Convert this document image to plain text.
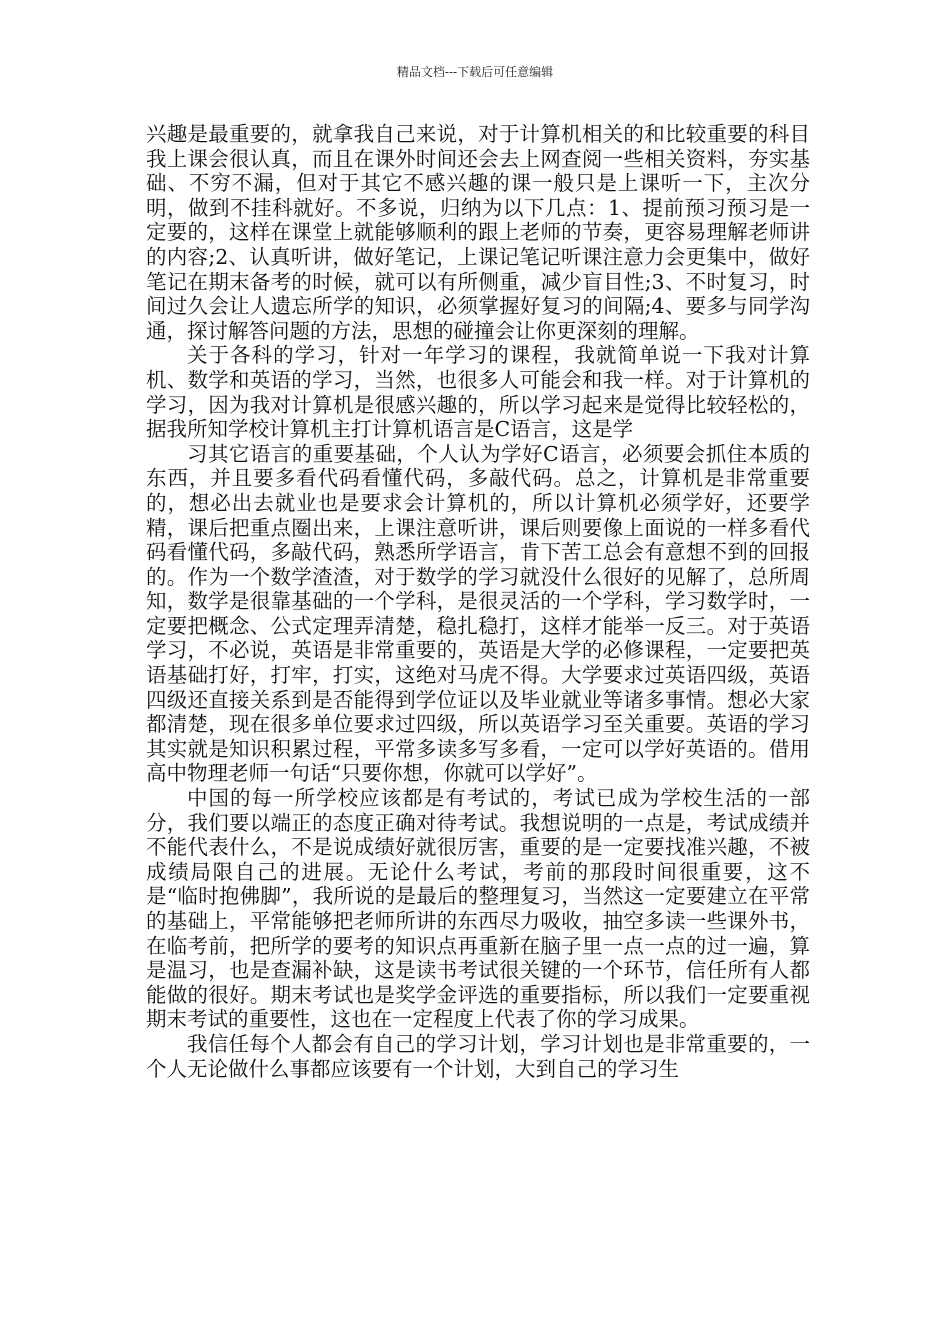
精品文档---下载后可任意编辑

兴趣是最重要的，就拿我自己来说，对于计算机相关的和比较重要的科目我上课会很认真，而且在课外时间还会去上网查阅一些相关资料，夯实基础、不穷不漏，但对于其它不感兴趣的课一般只是上课听一下，主次分明，做到不挂科就好。不多说，归纳为以下几点：1、提前预习预习是一定要的，这样在课堂上就能够顺利的跟上老师的节奏，更容易理解老师讲的内容;2、认真听讲，做好笔记，上课记笔记听课注意力会更集中，做好笔记在期末备考的时候，就可以有所侧重，减少盲目性;3、不时复习，时间过久会让人遗忘所学的知识，必须掌握好复习的间隔;4、要多与同学沟通，探讨解答问题的方法，思想的碰撞会让你更深刻的理解。

关于各科的学习，针对一年学习的课程，我就简单说一下我对计算机、数学和英语的学习，当然，也很多人可能会和我一样。对于计算机的学习，因为我对计算机是很感兴趣的，所以学习起来是觉得比较轻松的，据我所知学校计算机主打计算机语言是C语言，这是学

习其它语言的重要基础，个人认为学好C语言，必须要会抓住本质的东西，并且要多看代码看懂代码，多敲代码。总之，计算机是非常重要的，想必出去就业也是要求会计算机的，所以计算机必须学好，还要学精，课后把重点圈出来，上课注意听讲，课后则要像上面说的一样多看代码看懂代码，多敲代码，熟悉所学语言，肯下苦工总会有意想不到的回报的。作为一个数学渣渣，对于数学的学习就没什么很好的见解了，总所周知，数学是很靠基础的一个学科，是很灵活的一个学科，学习数学时，一定要把概念、公式定理弄清楚，稳扎稳打，这样才能举一反三。对于英语学习，不必说，英语是非常重要的，英语是大学的必修课程，一定要把英语基础打好，打牢，打实，这绝对马虎不得。大学要求过英语四级，英语四级还直接关系到是否能得到学位证以及毕业就业等诸多事情。想必大家都清楚，现在很多单位要求过四级，所以英语学习至关重要。英语的学习其实就是知识积累过程，平常多读多写多看，一定可以学好英语的。借用高中物理老师一句话“只要你想，你就可以学好”。

中国的每一所学校应该都是有考试的，考试已成为学校生活的一部分，我们要以端正的态度正确对待考试。我想说明的一点是，考试成绩并不能代表什么，不是说成绩好就很厉害，重要的是一定要找准兴趣，不被成绩局限自己的进展。无论什么考试，考前的那段时间很重要，这不是“临时抱佛脚”，我所说的是最后的整理复习，当然这一定要建立在平常的基础上，平常能够把老师所讲的东西尽力吸收，抽空多读一些课外书，在临考前，把所学的要考的知识点再重新在脑子里一点一点的过一遍，算是温习，也是查漏补缺，这是读书考试很关键的一个环节，信任所有人都能做的很好。期末考试也是奖学金评选的重要指标，所以我们一定要重视期末考试的重要性，这也在一定程度上代表了你的学习成果。

我信任每个人都会有自己的学习计划，学习计划也是非常重要的，一个人无论做什么事都应该要有一个计划，大到自己的学习生
